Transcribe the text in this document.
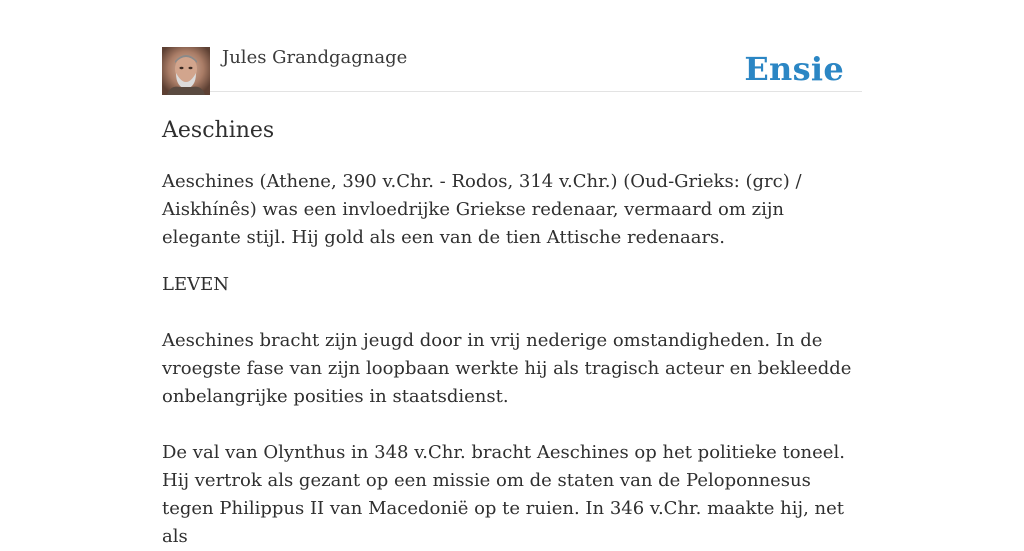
Jules Grandgagnage	Ensie
Aeschines

Aeschines (Athene, 390 v.Chr. - Rodos, 314 v.Chr.) (Oud-Grieks: (grc) / Aiskhínês) was een invloedrijke Griekse redenaar, vermaard om zijn elegante stijl. Hij gold als een van de tien Attische redenaars.

LEVEN

Aeschines bracht zijn jeugd door in vrij nederige omstandigheden. In de vroegste fase van zijn loopbaan werkte hij als tragisch acteur en bekleedde onbelangrijke posities in staatsdienst.

De val van Olynthus in 348 v.Chr. bracht Aeschines op het politieke toneel. Hij vertrok als gezant op een missie om de staten van de Peloponnesus tegen Philippus II van Macedonië op te ruien. In 346 v.Chr. maakte hij, net als
